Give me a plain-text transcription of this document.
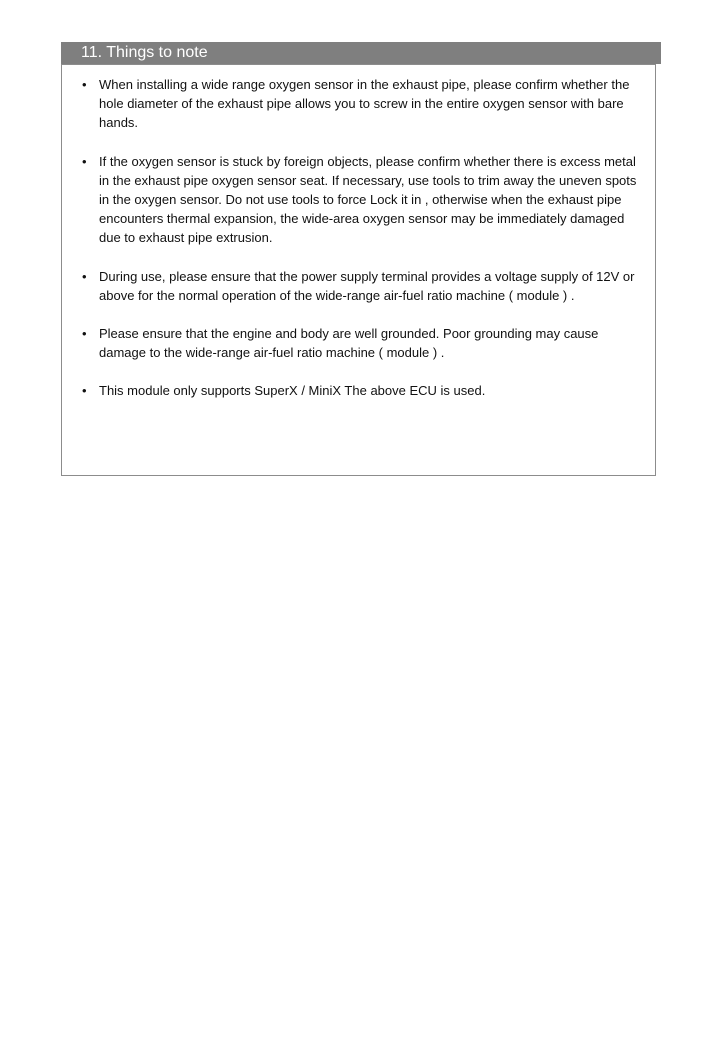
11. Things to note
• When installing a wide range oxygen sensor in the exhaust pipe, please confirm whether the hole diameter of the exhaust pipe allows you to screw in the entire oxygen sensor with bare hands.
• If the oxygen sensor is stuck by foreign objects, please confirm whether there is excess metal in the exhaust pipe oxygen sensor seat. If necessary, use tools to trim away the uneven spots in the oxygen sensor. Do not use tools to force Lock it in , otherwise when the exhaust pipe encounters thermal expansion, the wide-area oxygen sensor may be immediately damaged due to exhaust pipe extrusion.
• During use, please ensure that the power supply terminal provides a voltage supply of 12V or above for the normal operation of the wide-range air-fuel ratio machine ( module ) .
• Please ensure that the engine and body are well grounded. Poor grounding may cause damage to the wide-range air-fuel ratio machine ( module ) .
• This module only supports SuperX / MiniX The above ECU is used.
